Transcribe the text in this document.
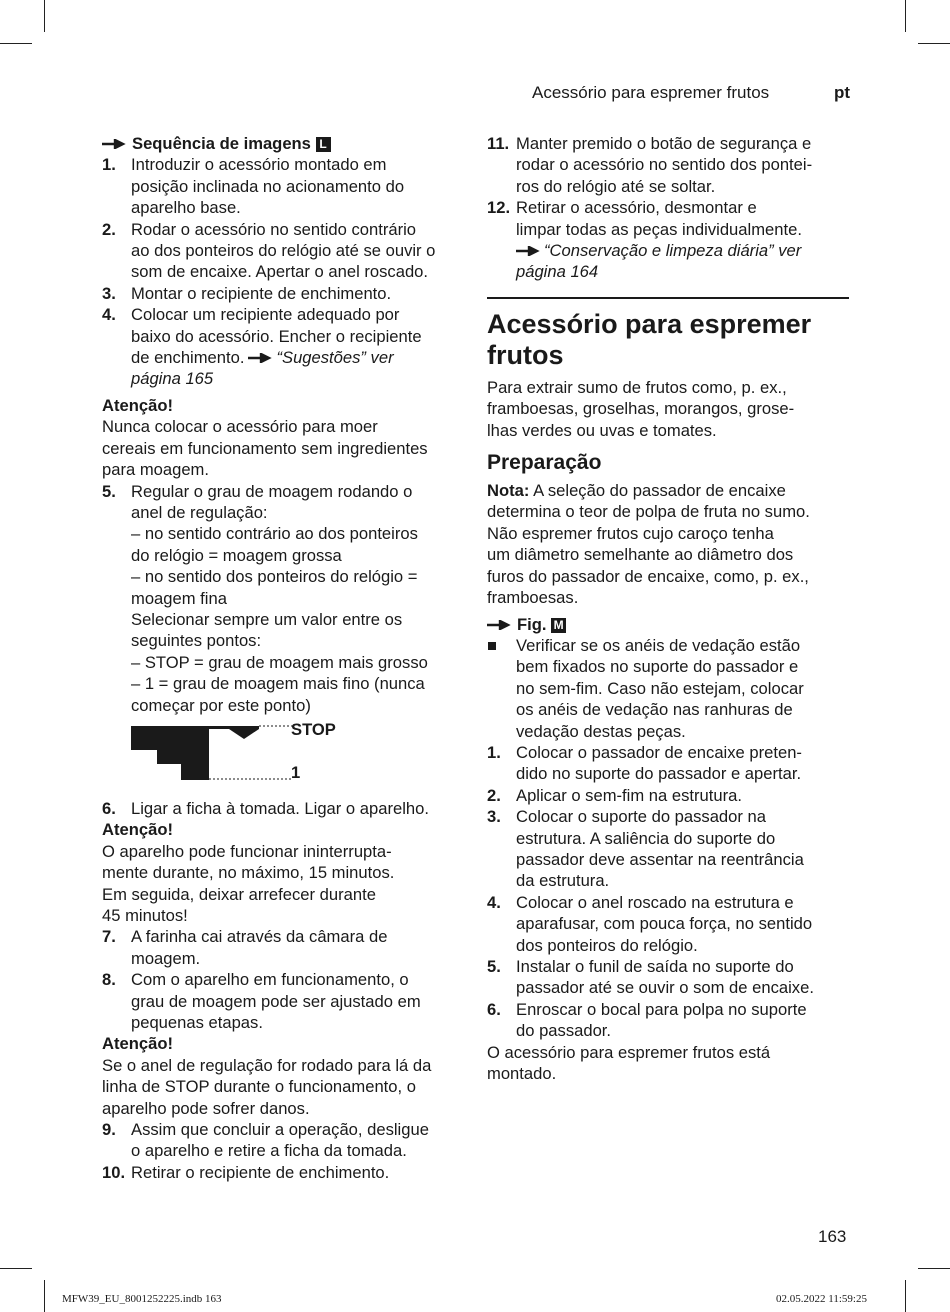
Acessório para espremer frutos	pt
Sequência de imagens L
1. Introduzir o acessório montado em
posição inclinada no acionamento do
aparelho base.
2. Rodar o acessório no sentido contrário
ao dos ponteiros do relógio até se ouvir o
som de encaixe. Apertar o anel roscado.
3. Montar o recipiente de enchimento.
4. Colocar um recipiente adequado por
baixo do acessório. Encher o recipiente
de enchimento. “Sugestões” ver
página 165
Atenção!

Nunca colocar o acessório para moer
cereais em funcionamento sem ingredientes
para moagem.

5. Regular o grau de moagem rodando o
anel de regulação:
– no sentido contrário ao dos ponteiros
do relógio = moagem grossa
– no sentido dos ponteiros do relógio =
moagem fina
Selecionar sempre um valor entre os
seguintes pontos:
– STOP = grau de moagem mais grosso
– 1 = grau de moagem mais fino (nunca
começar por este ponto)
STOP
1
6. Ligar a ficha à tomada. Ligar o aparelho.
Atenção!

O aparelho pode funcionar ininterrupta-
mente durante, no máximo, 15 minutos.
Em seguida, deixar arrefecer durante
45 minutos!

7. A farinha cai através da câmara de
moagem.
8. Com o aparelho em funcionamento, o
grau de moagem pode ser ajustado em
pequenas etapas.
Atenção!

Se o anel de regulação for rodado para lá da
linha de STOP durante o funcionamento, o
aparelho pode sofrer danos.

9. Assim que concluir a operação, desligue
o aparelho e retire a ficha da tomada.
10. Retirar o recipiente de enchimento.
11. Manter premido o botão de segurança e
rodar o acessório no sentido dos pontei-
ros do relógio até se soltar.
12. Retirar o acessório, desmontar e
limpar todas as peças individualmente.
“Conservação e limpeza diária” ver
página 164
Acessório para espremer frutos

Para extrair sumo de frutos como, p. ex.,
framboesas, groselhas, morangos, grose-
lhas verdes ou uvas e tomates.

Preparação

Nota: A seleção do passador de encaixe
determina o teor de polpa de fruta no sumo.
Não espremer frutos cujo caroço tenha
um diâmetro semelhante ao diâmetro dos
furos do passador de encaixe, como, p. ex.,
framboesas.

Fig. M
Verificar se os anéis de vedação estão
bem fixados no suporte do passador e
no sem-fim. Caso não estejam, colocar
os anéis de vedação nas ranhuras de
vedação destas peças.
1. Colocar o passador de encaixe preten-
dido no suporte do passador e apertar.
2. Aplicar o sem-fim na estrutura.
3. Colocar o suporte do passador na
estrutura. A saliência do suporte do
passador deve assentar na reentrância
da estrutura.
4. Colocar o anel roscado na estrutura e
aparafusar, com pouca força, no sentido
dos ponteiros do relógio.
5. Instalar o funil de saída no suporte do
passador até se ouvir o som de encaixe.
6. Enroscar o bocal para polpa no suporte
do passador.

O acessório para espremer frutos está
montado.

163
MFW39_EU_8001252225.indb 163	02.05.2022 11:59:25
